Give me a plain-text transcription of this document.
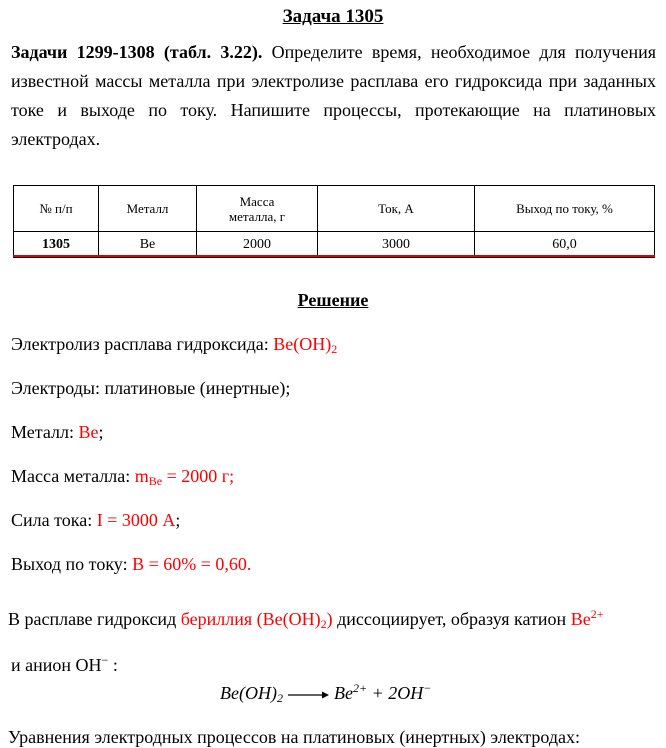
Задача 1305
Задачи 1299-1308 (табл. 3.22). Определите время, необходимое для получения известной массы металла при электролизе расплава его гидроксида при заданных токе и выходе по току. Напишите процессы, протекающие на платиновых электродах.
№ п/п	Металл	Масса металла, г	Ток, А	Выход по току, %
1305	Be	2000	3000	60,0
Решение
Электролиз расплава гидроксида: $Be(OH)_2$
Электроды: платиновые (инертные);
Металл: Be;
Масса металла: $m_{Be} = 2000$ г;
Сила тока: I = 3000 А;
Выход по току: В = 60% = 0,60.
В расплаве гидроксид бериллия $(Be(OH)_2)$ диссоциирует, образуя катион $Be^{2+}$
и анион OH− :
$Be(OH)_2 \to Be^{2+} + 2OH^-$
Уравнения электродных процессов на платиновых (инертных) электродах:
